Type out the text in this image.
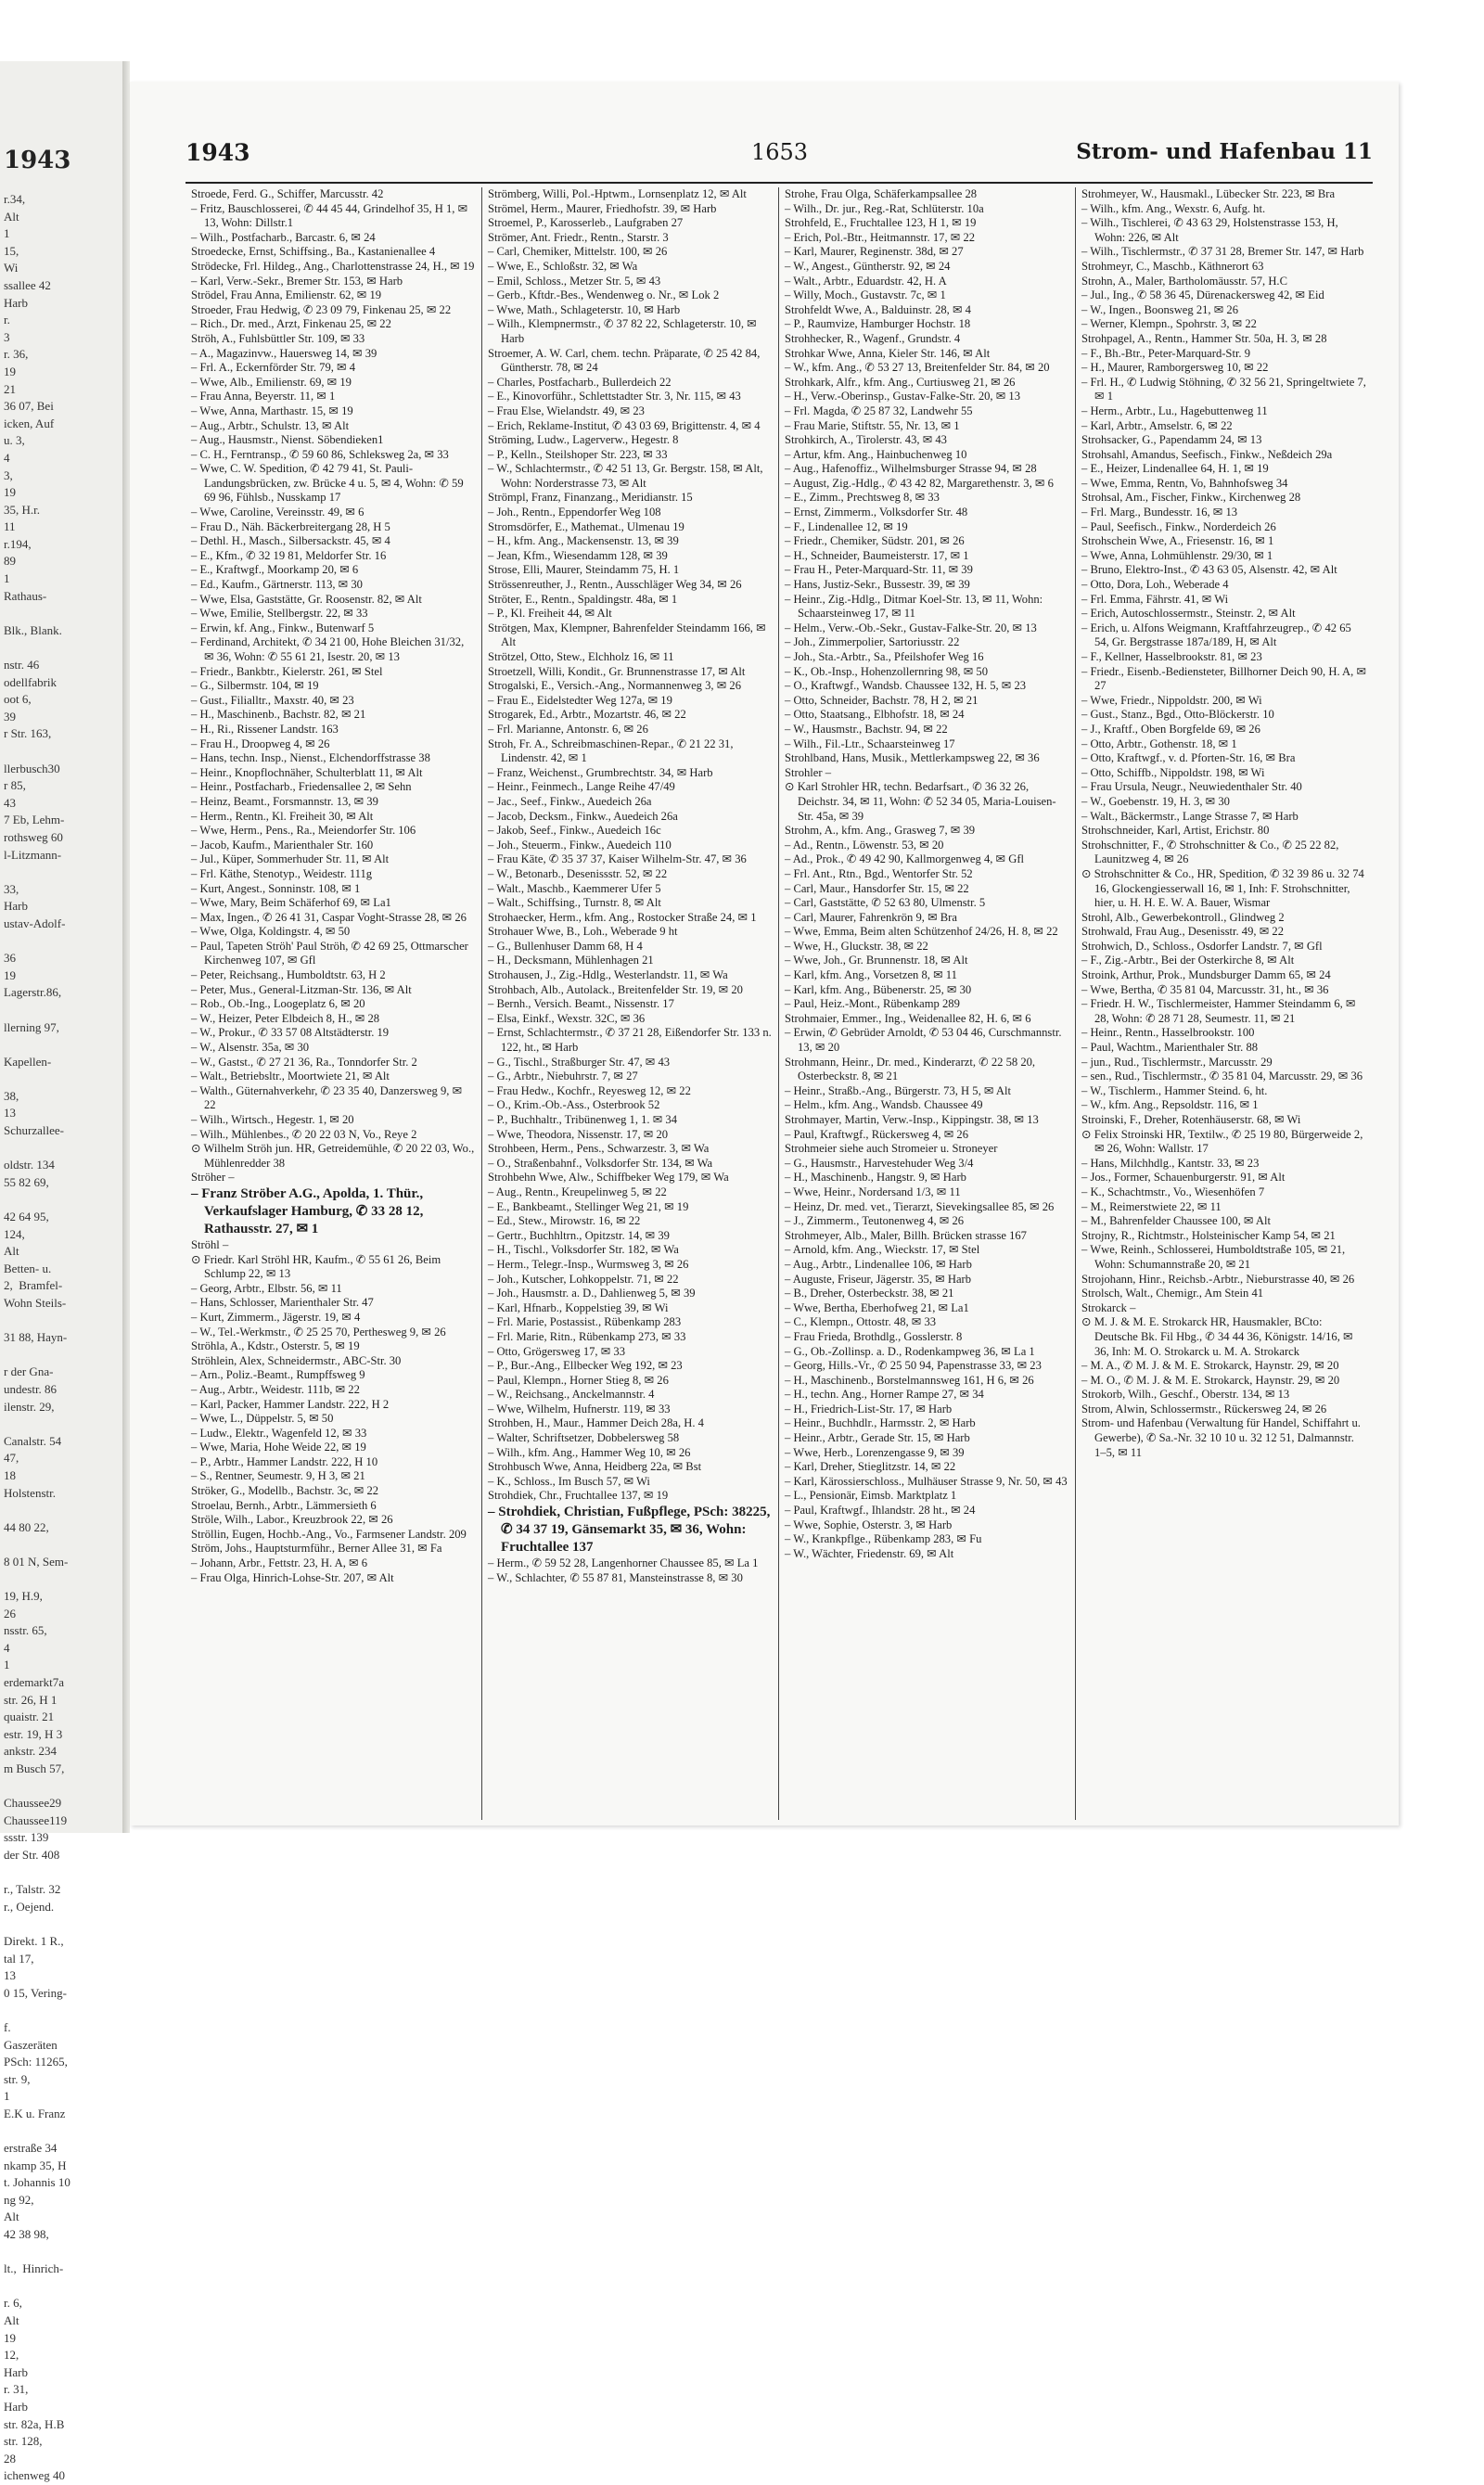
1943
r.34,
Alt
1
15,
Wi
ssallee 42
Harb
r.
3
r. 36,
19
21
36 07, Bei
icken, Auf
u. 3,
4
3,
19
35, H.r.
11
r.194,
89
1
Rathaus-

Blk., Blank.

nstr. 46
odellfabrik
oot 6,
39
r Str. 163,

llerbusch30
r 85,
43
7 Eb, Lehm-
rothsweg 60
l-Litzmann-

33,
Harb
ustav-Adolf-

36
19
Lagerstr.86,

llerning 97,

Kapellen-

38,
13
Schurzallee-

oldstr. 134
55 82 69,

42 64 95,
124,
Alt
Betten- u.
2,  Bramfel-
Wohn Steils-

31 88, Hayn-

r der Gna-
undestr. 86
ilenstr. 29,

Canalstr. 54
47,
18
Holstenstr.

44 80 22,

8 01 N, Sem-

19, H.9,
26
nsstr. 65,
4
1
erdemarkt7a
str. 26, H 1
quaistr. 21
estr. 19, H 3
ankstr. 234
m Busch 57,

Chaussee29
Chaussee119
ssstr. 139
der Str. 408

r., Talstr. 32
r., Oejend.

Direkt. 1 R.,
tal 17,
13
0 15, Vering-

f.
Gaszeräten
PSch: 11265,
str. 9,
1
E.K u. Franz

erstraße 34
nkamp 35, H
t. Johannis 10
ng 92,
Alt
42 38 98,

lt.,  Hinrich-

r. 6,
Alt
19
12,
Harb
r. 31,
Harb
str. 82a, H.B
str. 128,
28
ichenweg 40
1943	1653	Strom- und Hafenbau 11

Stroede, Ferd. G., Schiffer, Marcusstr. 42

– Fritz, Bauschlosserei, ✆ 44 45 44, Grindelhof 35, H 1, ✉ 13, Wohn: Dillstr.1

– Wilh., Postfacharb., Barcastr. 6, ✉ 24

Stroedecke, Ernst, Schiffsing., Ba., Kastanienallee 4

Strödecke, Frl. Hildeg., Ang., Charlottenstrasse 24, H., ✉ 19

– Karl, Verw.-Sekr., Bremer Str. 153, ✉ Harb

Strödel, Frau Anna, Emilienstr. 62, ✉ 19

Stroeder, Frau Hedwig, ✆ 23 09 79, Finkenau 25, ✉ 22

– Rich., Dr. med., Arzt, Finkenau 25, ✉ 22

Ströh, A., Fuhlsbüttler Str. 109, ✉ 33

– A., Magazinvw., Hauersweg 14, ✉ 39

– Frl. A., Eckernförder Str. 79, ✉ 4

– Wwe, Alb., Emilienstr. 69, ✉ 19

– Frau Anna, Beyerstr. 11, ✉ 1

– Wwe, Anna, Marthastr. 15, ✉ 19

– Aug., Arbtr., Schulstr. 13, ✉ Alt

– Aug., Hausmstr., Nienst. Söbendieken1

– C. H., Ferntransp., ✆ 59 60 86, Schleksweg 2a, ✉ 33

– Wwe, C. W. Spedition, ✆ 42 79 41, St. Pauli-Landungsbrücken, zw. Brücke 4 u. 5, ✉ 4, Wohn: ✆ 59 69 96, Fühlsb., Nusskamp 17

– Wwe, Caroline, Vereinsstr. 49, ✉ 6

– Frau D., Näh. Bäckerbreitergang 28, H 5

– Dethl. H., Masch., Silbersackstr. 45, ✉ 4

– E., Kfm., ✆ 32 19 81, Meldorfer Str. 16

– E., Kraftwgf., Moorkamp 20, ✉ 6

– Ed., Kaufm., Gärtnerstr. 113, ✉ 30

– Wwe, Elsa, Gaststätte, Gr. Roosenstr. 82, ✉ Alt

– Wwe, Emilie, Stellbergstr. 22, ✉ 33

– Erwin, kf. Ang., Finkw., Butenwarf 5

– Ferdinand, Architekt, ✆ 34 21 00, Hohe Bleichen 31/32, ✉ 36, Wohn: ✆ 55 61 21, Isestr. 20, ✉ 13

– Friedr., Bankbtr., Kielerstr. 261, ✉ Stel

– G., Silbermstr. 104, ✉ 19

– Gust., Filialltr., Maxstr. 40, ✉ 23

– H., Maschinenb., Bachstr. 82, ✉ 21

– H., Ri., Rissener Landstr. 163

– Frau H., Droopweg 4, ✉ 26

– Hans, techn. Insp., Nienst., Elchendorffstrasse 38

– Heinr., Knopflochnäher, Schulterblatt 11, ✉ Alt

– Heinr., Postfacharb., Friedensallee 2, ✉ Sehn

– Heinz, Beamt., Forsmannstr. 13, ✉ 39

– Herm., Rentn., Kl. Freiheit 30, ✉ Alt

– Wwe, Herm., Pens., Ra., Meiendorfer Str. 106

– Jacob, Kaufm., Marienthaler Str. 160

– Jul., Küper, Sommerhuder Str. 11, ✉ Alt

– Frl. Käthe, Stenotyp., Weidestr. 111g

– Kurt, Angest., Sonninstr. 108, ✉ 1

– Wwe, Mary, Beim Schäferhof 69, ✉ La1

– Max, Ingen., ✆ 26 41 31, Caspar Voght-Strasse 28, ✉ 26

– Wwe, Olga, Koldingstr. 4, ✉ 50

– Paul, Tapeten Ströh' Paul Ströh, ✆ 42 69 25, Ottmarscher Kirchenweg 107, ✉ Gfl

– Peter, Reichsang., Humboldtstr. 63, H 2

– Peter, Mus., General-Litzman-Str. 136, ✉ Alt

– Rob., Ob.-Ing., Loogeplatz 6, ✉ 20

– W., Heizer, Peter Elbdeich 8, H., ✉ 28

– W., Prokur., ✆ 33 57 08 Altstädterstr. 19

– W., Alsenstr. 35a, ✉ 30

– W., Gastst., ✆ 27 21 36, Ra., Tonndorfer Str. 2

– Walt., Betriebsltr., Moortwiete 21, ✉ Alt

– Walth., Güternahverkehr, ✆ 23 35 40, Danzersweg 9, ✉ 22

– Wilh., Wirtsch., Hegestr. 1, ✉ 20

– Wilh., Mühlenbes., ✆ 20 22 03 N, Vo., Reye 2

⊙ Wilhelm Ströh jun. HR, Getreidemühle, ✆ 20 22 03, Wo., Mühlenredder 38

Ströher –

– Franz Ströber A.G., Apolda, 1. Thür., Verkaufslager Hamburg, ✆ 33 28 12, Rathausstr. 27, ✉ 1

Ströhl –

⊙ Friedr. Karl Ströhl HR, Kaufm., ✆ 55 61 26, Beim Schlump 22, ✉ 13

– Georg, Arbtr., Elbstr. 56, ✉ 11

– Hans, Schlosser, Marienthaler Str. 47

– Kurt, Zimmerm., Jägerstr. 19, ✉ 4

– W., Tel.-Werkmstr., ✆ 25 25 70, Perthesweg 9, ✉ 26

Ströhla, A., Kdstr., Osterstr. 5, ✉ 19

Ströhlein, Alex, Schneidermstr., ABC-Str. 30

– Arn., Poliz.-Beamt., Rumpffsweg 9

– Aug., Arbtr., Weidestr. 111b, ✉ 22

– Karl, Packer, Hammer Landstr. 222, H 2

– Wwe, L., Düppelstr. 5, ✉ 50

– Ludw., Elektr., Wagenfeld 12, ✉ 33

– Wwe, Maria, Hohe Weide 22, ✉ 19

– P., Arbtr., Hammer Landstr. 222, H 10

– S., Rentner, Seumestr. 9, H 3, ✉ 21

Ströker, G., Modellb., Bachstr. 3c, ✉ 22

Stroelau, Bernh., Arbtr., Lämmersieth 6

Ströle, Wilh., Labor., Kreuzbrook 22, ✉ 26

Ströllin, Eugen, Hochb.-Ang., Vo., Farmsener Landstr. 209

Ström, Johs., Hauptsturmführ., Berner Allee 31, ✉ Fa

– Johann, Arbr., Fettstr. 23, H. A, ✉ 6

– Frau Olga, Hinrich-Lohse-Str. 207, ✉ Alt

Strömberg, Willi, Pol.-Hptwm., Lornsenplatz 12, ✉ Alt

Strömel, Herm., Maurer, Friedhofstr. 39, ✉ Harb

Stroemel, P., Karosserleb., Laufgraben 27

Strömer, Ant. Friedr., Rentn., Starstr. 3

– Carl, Chemiker, Mittelstr. 100, ✉ 26

– Wwe, E., Schloßstr. 32, ✉ Wa

– Emil, Schloss., Metzer Str. 5, ✉ 43

– Gerb., Kftdr.-Bes., Wendenweg o. Nr., ✉ Lok 2

– Wwe, Math., Schlageterstr. 10, ✉ Harb

– Wilh., Klempnermstr., ✆ 37 82 22, Schlageterstr. 10, ✉ Harb

Stroemer, A. W. Carl, chem. techn. Präparate, ✆ 25 42 84, Güntherstr. 78, ✉ 24

– Charles, Postfacharb., Bullerdeich 22

– E., Kinovorführ., Schlettstadter Str. 3, Nr. 115, ✉ 43

– Frau Else, Wielandstr. 49, ✉ 23

– Erich, Reklame-Institut, ✆ 43 03 69, Brigittenstr. 4, ✉ 4

Ströming, Ludw., Lagerverw., Hegestr. 8

– P., Kelln., Steilshoper Str. 223, ✉ 33

– W., Schlachtermstr., ✆ 42 51 13, Gr. Bergstr. 158, ✉ Alt, Wohn: Norderstrasse 73, ✉ Alt

Strömpl, Franz, Finanzang., Meridianstr. 15

– Joh., Rentn., Eppendorfer Weg 108

Stromsdörfer, E., Mathemat., Ulmenau 19

– H., kfm. Ang., Mackensenstr. 13, ✉ 39

– Jean, Kfm., Wiesendamm 128, ✉ 39

Strose, Elli, Maurer, Steindamm 75, H. 1

Strössenreuther, J., Rentn., Ausschläger Weg 34, ✉ 26

Ströter, E., Rentn., Spaldingstr. 48a, ✉ 1

– P., Kl. Freiheit 44, ✉ Alt

Strötgen, Max, Klempner, Bahrenfelder Steindamm 166, ✉ Alt

Strötzel, Otto, Stew., Elchholz 16, ✉ 11

Stroetzell, Willi, Kondit., Gr. Brunnenstrasse 17, ✉ Alt

Strogalski, E., Versich.-Ang., Normannenweg 3, ✉ 26

– Frau E., Eidelstedter Weg 127a, ✉ 19

Strogarek, Ed., Arbtr., Mozartstr. 46, ✉ 22

– Frl. Marianne, Antonstr. 6, ✉ 26

Stroh, Fr. A., Schreibmaschinen-Repar., ✆ 21 22 31, Lindenstr. 42, ✉ 1

– Franz, Weichenst., Grumbrechtstr. 34, ✉ Harb

– Heinr., Feinmech., Lange Reihe 47/49

– Jac., Seef., Finkw., Auedeich 26a

– Jacob, Decksm., Finkw., Auedeich 26a

– Jakob, Seef., Finkw., Auedeich 16c

– Joh., Steuerm., Finkw., Auedeich 110

– Frau Käte, ✆ 35 37 37, Kaiser Wilhelm-Str. 47, ✉ 36

– W., Betonarb., Desenissstr. 52, ✉ 22

– Walt., Maschb., Kaemmerer Ufer 5

– Walt., Schiffsing., Turnstr. 8, ✉ Alt

Strohaecker, Herm., kfm. Ang., Rostocker Straße 24, ✉ 1

Strohauer Wwe, B., Loh., Weberade 9 ht

– G., Bullenhuser Damm 68, H 4

– H., Decksmann, Mühlenhagen 21

Strohausen, J., Zig.-Hdlg., Westerlandstr. 11, ✉ Wa

Strohbach, Alb., Autolack., Breitenfelder Str. 19, ✉ 20

– Bernh., Versich. Beamt., Nissenstr. 17

– Elsa, Einkf., Wexstr. 32C, ✉ 36

– Ernst, Schlachtermstr., ✆ 37 21 28, Eißendorfer Str. 133 n. 122, ht., ✉ Harb

– G., Tischl., Straßburger Str. 47, ✉ 43

– G., Arbtr., Niebuhrstr. 7, ✉ 27

– Frau Hedw., Kochfr., Reyesweg 12, ✉ 22

– O., Krim.-Ob.-Ass., Osterbrook 52

– P., Buchhaltr., Tribünenweg 1, 1. ✉ 34

– Wwe, Theodora, Nissenstr. 17, ✉ 20

Strohbeen, Herm., Pens., Schwarzestr. 3, ✉ Wa

– O., Straßenbahnf., Volksdorfer Str. 134, ✉ Wa

Strohbehn Wwe, Alw., Schiffbeker Weg 179, ✉ Wa

– Aug., Rentn., Kreupelinweg 5, ✉ 22

– E., Bankbeamt., Stellinger Weg 21, ✉ 19

– Ed., Stew., Mirowstr. 16, ✉ 22

– Gertr., Buchhltrn., Opitzstr. 14, ✉ 39

– H., Tischl., Volksdorfer Str. 182, ✉ Wa

– Herm., Telegr.-Insp., Wurmsweg 3, ✉ 26

– Joh., Kutscher, Lohkoppelstr. 71, ✉ 22

– Joh., Hausmstr. a. D., Dahlienweg 5, ✉ 39

– Karl, Hfnarb., Koppelstieg 39, ✉ Wi

– Frl. Marie, Postassist., Rübenkamp 283

– Frl. Marie, Ritn., Rübenkamp 273, ✉ 33

– Otto, Grögersweg 17, ✉ 33

– P., Bur.-Ang., Ellbecker Weg 192, ✉ 23

– Paul, Klempn., Horner Stieg 8, ✉ 26

– W., Reichsang., Anckelmannstr. 4

– Wwe, Wilhelm, Hufnerstr. 119, ✉ 33

Strohben, H., Maur., Hammer Deich 28a, H. 4

– Walter, Schriftsetzer, Dobbelersweg 58

– Wilh., kfm. Ang., Hammer Weg 10, ✉ 26

Strohbusch Wwe, Anna, Heidberg 22a, ✉ Bst

– K., Schloss., Im Busch 57, ✉ Wi

Strohdiek, Chr., Fruchtallee 137, ✉ 19

– Strohdiek, Christian, Fußpflege, PSch: 38225, ✆ 34 37 19, Gänsemarkt 35, ✉ 36, Wohn: Fruchtallee 137

– Herm., ✆ 59 52 28, Langenhorner Chaussee 85, ✉ La 1

– W., Schlachter, ✆ 55 87 81, Mansteinstrasse 8, ✉ 30

Strohe, Frau Olga, Schäferkampsallee 28

– Wilh., Dr. jur., Reg.-Rat, Schlüterstr. 10a

Strohfeld, E., Fruchtallee 123, H 1, ✉ 19

– Erich, Pol.-Btr., Heitmannstr. 17, ✉ 22

– Karl, Maurer, Reginenstr. 38d, ✉ 27

– W., Angest., Güntherstr. 92, ✉ 24

– Walt., Arbtr., Eduardstr. 42, H. A

– Willy, Moch., Gustavstr. 7c, ✉ 1

Strohfeldt Wwe, A., Balduinstr. 28, ✉ 4

– P., Raumvize, Hamburger Hochstr. 18

Strohhecker, R., Wagenf., Grundstr. 4

Strohkar Wwe, Anna, Kieler Str. 146, ✉ Alt

– W., kfm. Ang., ✆ 53 27 13, Breitenfelder Str. 84, ✉ 20

Strohkark, Alfr., kfm. Ang., Curtiusweg 21, ✉ 26

– H., Verw.-Oberinsp., Gustav-Falke-Str. 20, ✉ 13

– Frl. Magda, ✆ 25 87 32, Landwehr 55

– Frau Marie, Stiftstr. 55, Nr. 13, ✉ 1

Strohkirch, A., Tirolerstr. 43, ✉ 43

– Artur, kfm. Ang., Hainbuchenweg 10

– Aug., Hafenoffiz., Wilhelmsburger Strasse 94, ✉ 28

– August, Zig.-Hdlg., ✆ 43 42 82, Margarethenstr. 3, ✉ 6

– E., Zimm., Prechtsweg 8, ✉ 33

– Ernst, Zimmerm., Volksdorfer Str. 48

– F., Lindenallee 12, ✉ 19

– Friedr., Chemiker, Südstr. 201, ✉ 26

– H., Schneider, Baumeisterstr. 17, ✉ 1

– Frau H., Peter-Marquard-Str. 11, ✉ 39

– Hans, Justiz-Sekr., Bussestr. 39, ✉ 39

– Heinr., Zig.-Hdlg., Ditmar Koel-Str. 13, ✉ 11, Wohn: Schaarsteinweg 17, ✉ 11

– Helm., Verw.-Ob.-Sekr., Gustav-Falke-Str. 20, ✉ 13

– Joh., Zimmerpolier, Sartoriusstr. 22

– Joh., Sta.-Arbtr., Sa., Pfeilshofer Weg 16

– K., Ob.-Insp., Hohenzollernring 98, ✉ 50

– O., Kraftwgf., Wandsb. Chaussee 132, H. 5, ✉ 23

– Otto, Schneider, Bachstr. 78, H 2, ✉ 21

– Otto, Staatsang., Elbhofstr. 18, ✉ 24

– W., Hausmstr., Bachstr. 94, ✉ 22

– Wilh., Fil.-Ltr., Schaarsteinweg 17

Strohlband, Hans, Musik., Mettlerkampsweg 22, ✉ 36

Strohler –

⊙ Karl Strohler HR, techn. Bedarfsart., ✆ 36 32 26, Deichstr. 34, ✉ 11, Wohn: ✆ 52 34 05, Maria-Louisen-Str. 45a, ✉ 39

Strohm, A., kfm. Ang., Grasweg 7, ✉ 39

– Ad., Rentn., Löwenstr. 53, ✉ 20

– Ad., Prok., ✆ 49 42 90, Kallmorgenweg 4, ✉ Gfl

– Frl. Ant., Rtn., Bgd., Wentorfer Str. 52

– Carl, Maur., Hansdorfer Str. 15, ✉ 22

– Carl, Gaststätte, ✆ 52 63 80, Ulmenstr. 5

– Carl, Maurer, Fahrenkrön 9, ✉ Bra

– Wwe, Emma, Beim alten Schützenhof 24/26, H. 8, ✉ 22

– Wwe, H., Gluckstr. 38, ✉ 22

– Wwe, Joh., Gr. Brunnenstr. 18, ✉ Alt

– Karl, kfm. Ang., Vorsetzen 8, ✉ 11

– Karl, kfm. Ang., Bübenerstr. 25, ✉ 30

– Paul, Heiz.-Mont., Rübenkamp 289

Strohmaier, Emmer., Ing., Weidenallee 82, H. 6, ✉ 6

– Erwin, ✆ Gebrüder Arnoldt, ✆ 53 04 46, Curschmannstr. 13, ✉ 20

Strohmann, Heinr., Dr. med., Kinderarzt, ✆ 22 58 20, Osterbeckstr. 8, ✉ 21

– Heinr., Straßb.-Ang., Bürgerstr. 73, H 5, ✉ Alt

– Helm., kfm. Ang., Wandsb. Chaussee 49

Strohmayer, Martin, Verw.-Insp., Kippingstr. 38, ✉ 13

– Paul, Kraftwgf., Rückersweg 4, ✉ 26

Strohmeier siehe auch Stromeier u. Stroneyer

– G., Hausmstr., Harvestehuder Weg 3/4

– H., Maschinenb., Hangstr. 9, ✉ Harb

– Wwe, Heinr., Nordersand 1/3, ✉ 11

– Heinz, Dr. med. vet., Tierarzt, Sievekingsallee 85, ✉ 26

– J., Zimmerm., Teutonenweg 4, ✉ 26

Strohmeyer, Alb., Maler, Billh. Brücken strasse 167

– Arnold, kfm. Ang., Wieckstr. 17, ✉ Stel

– Aug., Arbtr., Lindenallee 106, ✉ Harb

– Auguste, Friseur, Jägerstr. 35, ✉ Harb

– B., Dreher, Osterbeckstr. 38, ✉ 21

– Wwe, Bertha, Eberhofweg 21, ✉ La1

– C., Klempn., Ottostr. 48, ✉ 33

– Frau Frieda, Brothdlg., Gosslerstr. 8

– G., Ob.-Zollinsp. a. D., Rodenkampweg 36, ✉ La 1

– Georg, Hills.-Vr., ✆ 25 50 94, Papenstrasse 33, ✉ 23

– H., Maschinenb., Borstelmannsweg 161, H 6, ✉ 26

– H., techn. Ang., Horner Rampe 27, ✉ 34

– H., Friedrich-List-Str. 17, ✉ Harb

– Heinr., Buchhdlr., Harmsstr. 2, ✉ Harb

– Heinr., Arbtr., Gerade Str. 15, ✉ Harb

– Wwe, Herb., Lorenzengasse 9, ✉ 39

– Karl, Dreher, Stieglitzstr. 14, ✉ 22

– Karl, Kärossierschloss., Mulhäuser Strasse 9, Nr. 50, ✉ 43

– L., Pensionär, Eimsb. Marktplatz 1

– Paul, Kraftwgf., Ihlandstr. 28 ht., ✉ 24

– Wwe, Sophie, Osterstr. 3, ✉ Harb

– W., Krankpflge., Rübenkamp 283, ✉ Fu

– W., Wächter, Friedenstr. 69, ✉ Alt

Strohmeyer, W., Hausmakl., Lübecker Str. 223, ✉ Bra

– Wilh., kfm. Ang., Wexstr. 6, Aufg. ht.

– Wilh., Tischlerei, ✆ 43 63 29, Holstenstrasse 153, H, Wohn: 226, ✉ Alt

– Wilh., Tischlermstr., ✆ 37 31 28, Bremer Str. 147, ✉ Harb

Strohmeyr, C., Maschb., Käthnerort 63

Strohn, A., Maler, Bartholomäusstr. 57, H.C

– Jul., Ing., ✆ 58 36 45, Dürenackersweg 42, ✉ Eid

– W., Ingen., Boonsweg 21, ✉ 26

– Werner, Klempn., Spohrstr. 3, ✉ 22

Strohpagel, A., Rentn., Hammer Str. 50a, H. 3, ✉ 28

– F., Bh.-Btr., Peter-Marquard-Str. 9

– H., Maurer, Ramborgersweg 10, ✉ 22

– Frl. H., ✆ Ludwig Stöhning, ✆ 32 56 21, Springeltwiete 7, ✉ 1

– Herm., Arbtr., Lu., Hagebuttenweg 11

– Karl, Arbtr., Amselstr. 6, ✉ 22

Strohsacker, G., Papendamm 24, ✉ 13

Strohsahl, Amandus, Seefisch., Finkw., Neßdeich 29a

– E., Heizer, Lindenallee 64, H. 1, ✉ 19

– Wwe, Emma, Rentn, Vo, Bahnhofsweg 34

Strohsal, Am., Fischer, Finkw., Kirchenweg 28

– Frl. Marg., Bundesstr. 16, ✉ 13

– Paul, Seefisch., Finkw., Norderdeich 26

Strohschein Wwe, A., Friesenstr. 16, ✉ 1

– Wwe, Anna, Lohmühlenstr. 29/30, ✉ 1

– Bruno, Elektro-Inst., ✆ 43 63 05, Alsenstr. 42, ✉ Alt

– Otto, Dora, Loh., Weberade 4

– Frl. Emma, Fährstr. 41, ✉ Wi

– Erich, Autoschlossermstr., Steinstr. 2, ✉ Alt

– Erich, u. Alfons Weigmann, Kraftfahrzeugrep., ✆ 42 65 54, Gr. Bergstrasse 187a/189, H, ✉ Alt

– F., Kellner, Hasselbrookstr. 81, ✉ 23

– Friedr., Eisenb.-Bediensteter, Billhorner Deich 90, H. A, ✉ 27

– Wwe, Friedr., Nippoldstr. 200, ✉ Wi

– Gust., Stanz., Bgd., Otto-Blöckerstr. 10

– J., Kraftf., Oben Borgfelde 69, ✉ 26

– Otto, Arbtr., Gothenstr. 18, ✉ 1

– Otto, Kraftwgf., v. d. Pforten-Str. 16, ✉ Bra

– Otto, Schiffb., Nippoldstr. 198, ✉ Wi

– Frau Ursula, Neugr., Neuwiedenthaler Str. 40

– W., Goebenstr. 19, H. 3, ✉ 30

– Walt., Bäckermstr., Lange Strasse 7, ✉ Harb

Strohschneider, Karl, Artist, Erichstr. 80

Strohschnitter, F., ✆ Strohschnitter & Co., ✆ 25 22 82, Launitzweg 4, ✉ 26

⊙ Strohschnitter & Co., HR, Spedition, ✆ 32 39 86 u. 32 74 16, Glockengiesserwall 16, ✉ 1, Inh: F. Strohschnitter, hier, u. H. H. E. W. A. Bauer, Wismar

Strohl, Alb., Gewerbekontroll., Glindweg 2

Strohwald, Frau Aug., Desenisstr. 49, ✉ 22

Strohwich, D., Schloss., Osdorfer Landstr. 7, ✉ Gfl

– F., Zig.-Arbtr., Bei der Osterkirche 8, ✉ Alt

Stroink, Arthur, Prok., Mundsburger Damm 65, ✉ 24

– Wwe, Bertha, ✆ 35 81 04, Marcusstr. 31, ht., ✉ 36

– Friedr. H. W., Tischlermeister, Hammer Steindamm 6, ✉ 28, Wohn: ✆ 28 71 28, Seumestr. 11, ✉ 21

– Heinr., Rentn., Hasselbrookstr. 100

– Paul, Wachtm., Marienthaler Str. 88

– jun., Rud., Tischlermstr., Marcusstr. 29

– sen., Rud., Tischlermstr., ✆ 35 81 04, Marcusstr. 29, ✉ 36

– W., Tischlerm., Hammer Steind. 6, ht.

– W., kfm. Ang., Repsoldstr. 116, ✉ 1

Stroinski, F., Dreher, Rotenhäuserstr. 68, ✉ Wi

⊙ Felix Stroinski HR, Textilw., ✆ 25 19 80, Bürgerweide 2, ✉ 26, Wohn: Wallstr. 17

– Hans, Milchhdlg., Kantstr. 33, ✉ 23

– Jos., Former, Schauenburgerstr. 91, ✉ Alt

– K., Schachtmstr., Vo., Wiesenhöfen 7

– M., Reimerstwiete 22, ✉ 11

– M., Bahrenfelder Chaussee 100, ✉ Alt

Strojny, R., Richtmstr., Holsteinischer Kamp 54, ✉ 21

– Wwe, Reinh., Schlosserei, Humboldtstraße 105, ✉ 21, Wohn: Schumannstraße 20, ✉ 21

Strojohann, Hinr., Reichsb.-Arbtr., Nieburstrasse 40, ✉ 26

Strolsch, Walt., Chemigr., Am Stein 41

Strokarck –

⊙ M. J. & M. E. Strokarck HR, Hausmakler, BCto: Deutsche Bk. Fil Hbg., ✆ 34 44 36, Königstr. 14/16, ✉ 36, Inh: M. O. Strokarck u. M. A. Strokarck

– M. A., ✆ M. J. & M. E. Strokarck, Haynstr. 29, ✉ 20

– M. O., ✆ M. J. & M. E. Strokarck, Haynstr. 29, ✉ 20

Strokorb, Wilh., Geschf., Oberstr. 134, ✉ 13

Strom, Alwin, Schlossermstr., Rückersweg 24, ✉ 26

Strom- und Hafenbau (Verwaltung für Handel, Schiffahrt u. Gewerbe), ✆ Sa.-Nr. 32 10 10 u. 32 12 51, Dalmannstr. 1–5, ✉ 11
